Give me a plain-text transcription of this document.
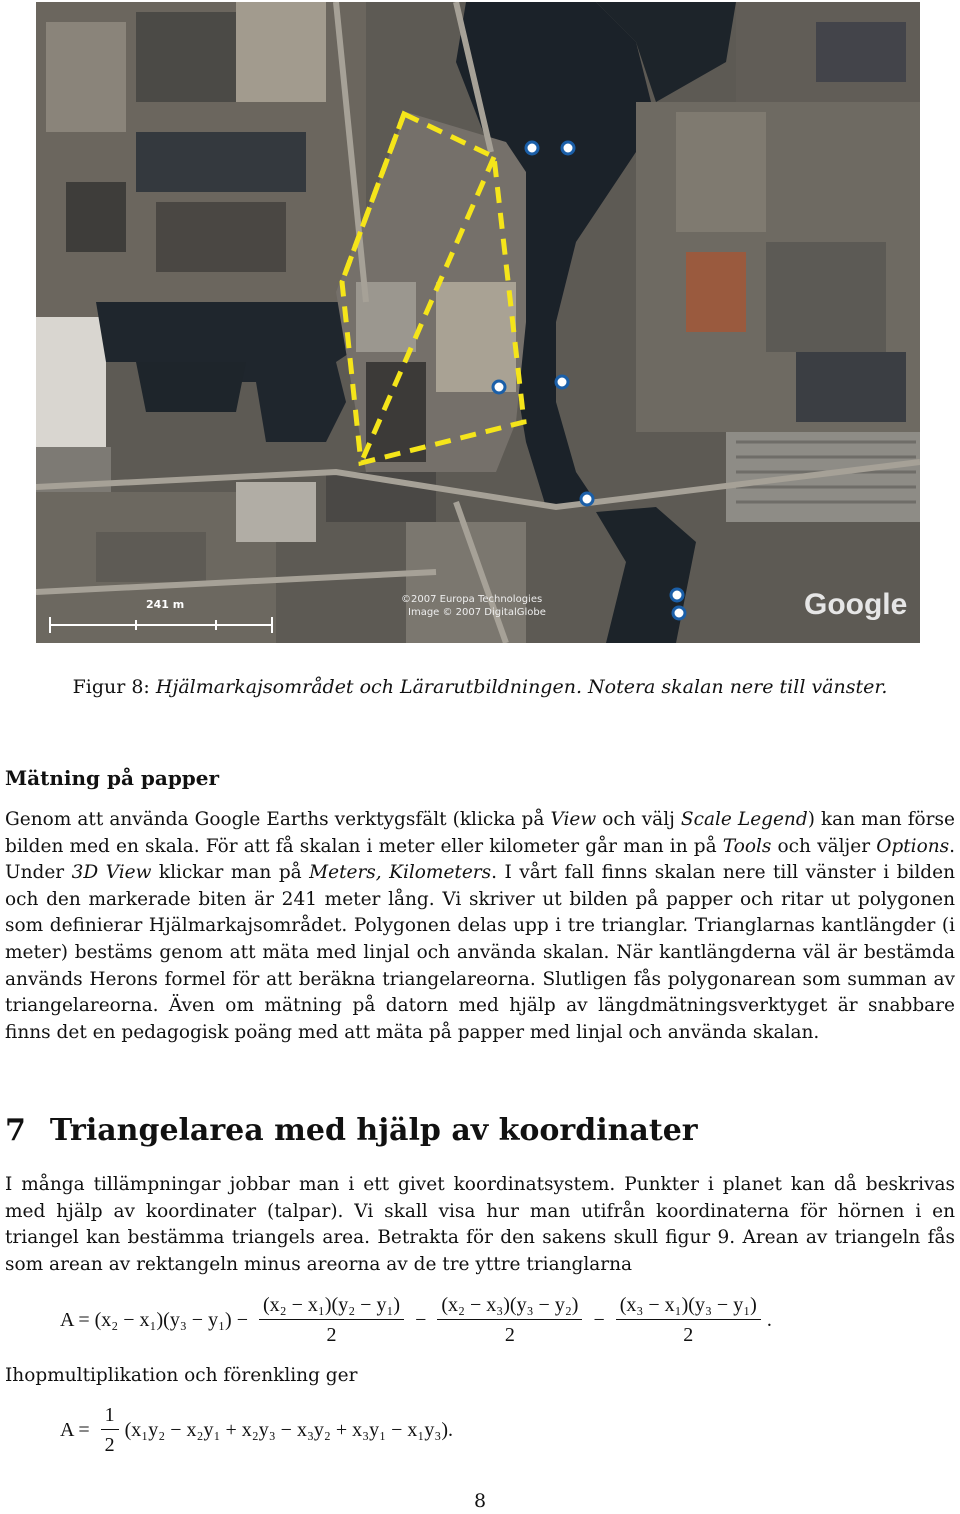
241 m	©2007 Europa Technologies
Image © 2007 DigitalGlobe	Google
Figur 8: Hjälmarkajsområdet och Lärarutbildningen. Notera skalan nere till vänster.
Mätning på papper
Genom att använda Google Earths verktygsfält (klicka på View och välj Scale Legend) kan man förse bilden med en skala. För att få skalan i meter eller kilometer går man in på Tools och väljer Options. Under 3D View klickar man på Meters, Kilometers. I vårt fall finns skalan nere till vänster i bilden och den markerade biten är 241 meter lång. Vi skriver ut bilden på papper och ritar ut polygonen som definierar Hjälmarkajsområdet. Polygonen delas upp i tre trianglar. Trianglarnas kantlängder (i meter) bestäms genom att mäta med linjal och använda skalan. När kantlängderna väl är bestämda används Herons formel för att beräkna triangelareorna. Slutligen fås polygonarean som summan av triangelareorna. Även om mätning på datorn med hjälp av längdmätningsverktyget är snabbare finns det en pedagogisk poäng med att mäta på papper med linjal och använda skalan.
7 Triangelarea med hjälp av koordinater
I många tillämpningar jobbar man i ett givet koordinatsystem. Punkter i planet kan då beskrivas med hjälp av koordinater (talpar). Vi skall visa hur man utifrån koordinaterna för hörnen i en triangel kan bestämma triangels area. Betrakta för den sakens skull figur 9. Arean av triangeln fås som arean av rektangeln minus areorna av de tre yttre trianglarna
$A = (x_2 - x_1)(y_3 - y_1) - \frac{\text{(x₂ − x₁)(y₂ − y₁)}}{2} - \frac{\text{(x₂ − x₃)(y₃ − y₂)}}{2} - \frac{\text{(x₃ − x₁)(y₃ − y₁)}}{2}$ .
Ihopmultiplikation och förenkling ger
$A = \frac{1}{2} (x_1y_2 - x_2y_1 + x_2y_3 - x_3y_2 + x_3y_1 - x_1y_3)$.
8
